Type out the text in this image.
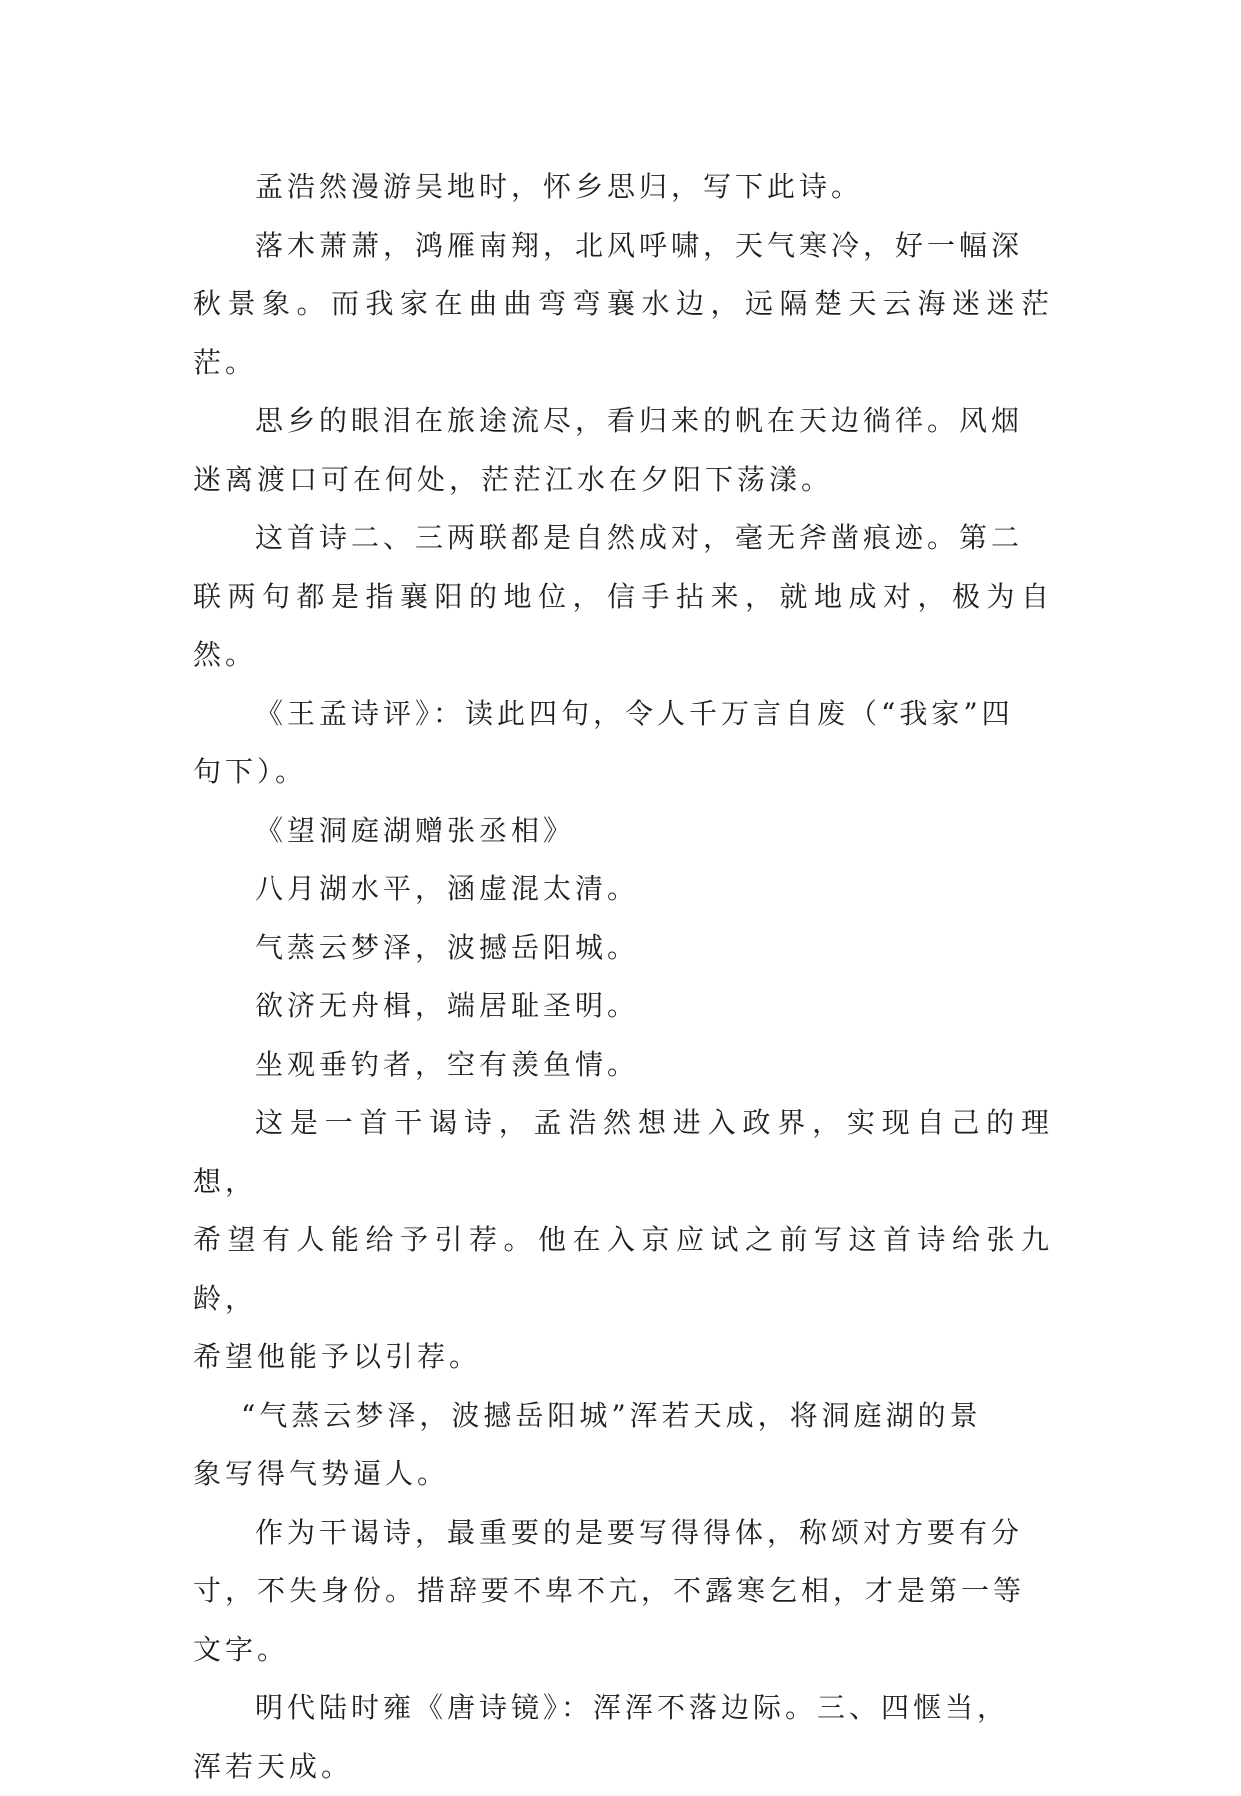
孟浩然漫游吴地时，怀乡思归，写下此诗。

落木萧萧，鸿雁南翔，北风呼啸，天气寒冷，好一幅深
秋景象。而我家在曲曲弯弯襄水边，远隔楚天云海迷迷茫茫。

思乡的眼泪在旅途流尽，看归来的帆在天边徜徉。风烟
迷离渡口可在何处，茫茫江水在夕阳下荡漾。

这首诗二、三两联都是自然成对，毫无斧凿痕迹。第二
联两句都是指襄阳的地位，信手拈来，就地成对，极为自然。

《王孟诗评》：读此四句，令人千万言自废（“我家”四
句下）。

《望洞庭湖赠张丞相》

八月湖水平，涵虚混太清。

气蒸云梦泽，波撼岳阳城。

欲济无舟楫，端居耻圣明。

坐观垂钓者，空有羡鱼情。

这是一首干谒诗，孟浩然想进入政界，实现自己的理想，
希望有人能给予引荐。他在入京应试之前写这首诗给张九龄，
希望他能予以引荐。

“气蒸云梦泽，波撼岳阳城”浑若天成，将洞庭湖的景
象写得气势逼人。

作为干谒诗，最重要的是要写得得体，称颂对方要有分
寸，不失身份。措辞要不卑不亢，不露寒乞相，才是第一等
文字。

明代陆时雍《唐诗镜》：浑浑不落边际。三、四惬当，
浑若天成。
